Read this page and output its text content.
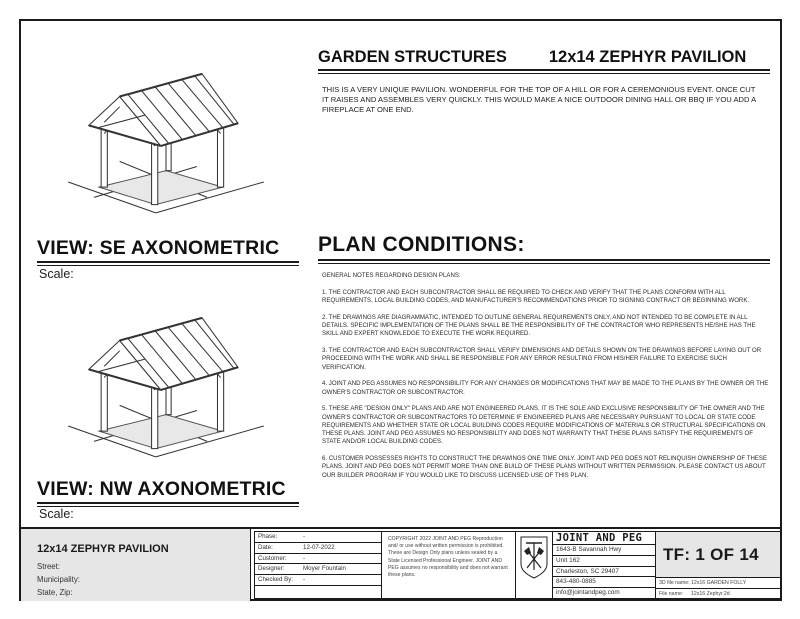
VIEW: SE AXONOMETRIC
Scale:
VIEW: NW AXONOMETRIC
Scale:
GARDEN STRUCTURES	12x14 ZEPHYR PAVILION
THIS IS A VERY UNIQUE PAVILION. WONDERFUL FOR THE TOP OF A HILL OR FOR A CEREMONIOUS EVENT. ONCE CUT IT RAISES AND ASSEMBLES VERY QUICKLY. THIS WOULD MAKE A NICE OUTDOOR DINING HALL OR BBQ IF YOU ADD A FIREPLACE AT ONE END.
PLAN CONDITIONS:

GENERAL NOTES REGARDING DESIGN PLANS:

1. THE CONTRACTOR AND EACH SUBCONTRACTOR SHALL BE REQUIRED TO CHECK AND VERIFY THAT THE PLANS CONFORM WITH ALL REQUIREMENTS, LOCAL BUILDING CODES, AND MANUFACTURER'S RECOMMENDATIONS PRIOR TO SIGNING CONTRACT OR BEGINNING WORK.

2. THE DRAWINGS ARE DIAGRAMMATIC, INTENDED TO OUTLINE GENERAL REQUIREMENTS ONLY, AND NOT INTENDED TO BE COMPLETE IN ALL DETAILS. SPECIFIC IMPLEMENTATION OF THE PLANS SHALL BE THE RESPONSIBILITY OF THE CONTRACTOR WHO REPRESENTS HE/SHE HAS THE SKILL AND EXPERT KNOWLEDGE TO EXECUTE THE WORK REQUIRED.

3. THE CONTRACTOR AND EACH SUBCONTRACTOR SHALL VERIFY DIMENSIONS AND DETAILS SHOWN ON THE DRAWINGS BEFORE LAYING OUT OR PROCEEDING WITH THE WORK AND SHALL BE RESPONSIBLE FOR ANY ERROR RESULTING FROM HIS/HER FAILURE TO EXERCISE SUCH VERIFICATION.

4. JOINT AND PEG ASSUMES NO RESPONSIBILITY FOR ANY CHANGES OR MODIFICATIONS THAT MAY BE MADE TO THE PLANS BY THE OWNER OR THE OWNER'S CONTRACTOR OR SUBCONTRACTOR.

5. THESE ARE "DESIGN ONLY" PLANS AND ARE NOT ENGINEERED PLANS. IT IS THE SOLE AND EXCLUSIVE RESPONSIBILITY OF THE OWNER AND THE OWNER'S CONTRACTOR OR SUBCONTRACTORS TO DETERMINE IF ENGINEERED PLANS ARE NECESSARY PURSUANT TO LOCAL OR STATE CODE REQUIREMENTS AND WHETHER STATE OR LOCAL BUILDING CODES REQUIRE MODIFICATIONS OF MATERIALS OR STRUCTURAL SPECIFICATIONS ON THESE PLANS. JOINT AND PEG ASSUMES NO RESPONSIBILITY AND DOES NOT WARRANTY THAT THESE PLANS SATISFY THE REQUIREMENTS OF STATE AND/OR LOCAL BUILDING CODES.

6. CUSTOMER POSSESSES RIGHTS TO CONSTRUCT THE DRAWINGS ONE TIME ONLY. JOINT AND PEG DOES NOT RELINQUISH OWNERSHIP OF THESE PLANS. JOINT AND PEG DOES NOT PERMIT MORE THAN ONE BUILD OF THESE PLANS WITHOUT WRITTEN PERMISSION. PLEASE CONTACT US ABOUT OUR BUILDER PROGRAM IF YOU WOULD LIKE TO DISCUSS LICENSED USE OF THIS PLAN.

12x14 ZEPHYR PAVILION
Street:
Municipality:
State, Zip:
Phase:	-
Date:	12-07-2022
Customer:	-
Designer:	Moyer Fountain
Checked By: -
COPYRIGHT 2022 JOINT AND PEG Reproduction and/ or use without written permission is prohibited. These are Design Only plans unless sealed by a State Licensed Professional Engineer. JOINT AND PEG assumes no responsibility and does not warrant these plans.
JOINT AND PEG
1643-B Savannah Hwy
Unit 162
Charleston, SC 29407
843-480-0885
info@jointandpeg.com
TF: 1 OF 14
3D file name: 12x16 GARDEN FOLLY
File name: 12x16 Zephyr.2d
